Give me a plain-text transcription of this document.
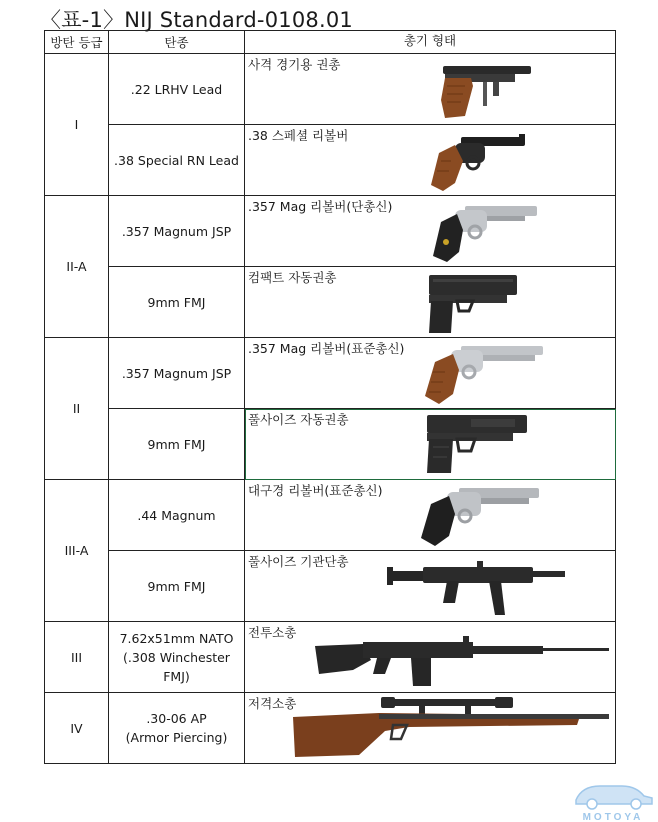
〈표-1〉NIJ Standard-0108.01
방탄 등급	탄종	총기 형태
I	.22 LRHV Lead	사격 경기용 권총

	.38 Special RN Lead	.38 스페셜 리볼버

II-A	.357 Magnum JSP	.357 Mag 리볼버(단총신)

	9mm FMJ	컴팩트 자동권총

II	.357 Magnum JSP	.357 Mag 리볼버(표준총신)

	9mm FMJ	풀사이즈 자동권총

III-A	.44 Magnum	대구경 리볼버(표준총신)

	9mm FMJ	풀사이즈 기관단총

III	7.62x51mm NATO
(.308 Winchester
FMJ)	전투소총

IV	.30-06 AP
(Armor Piercing)	저격소총
MOTOYA
